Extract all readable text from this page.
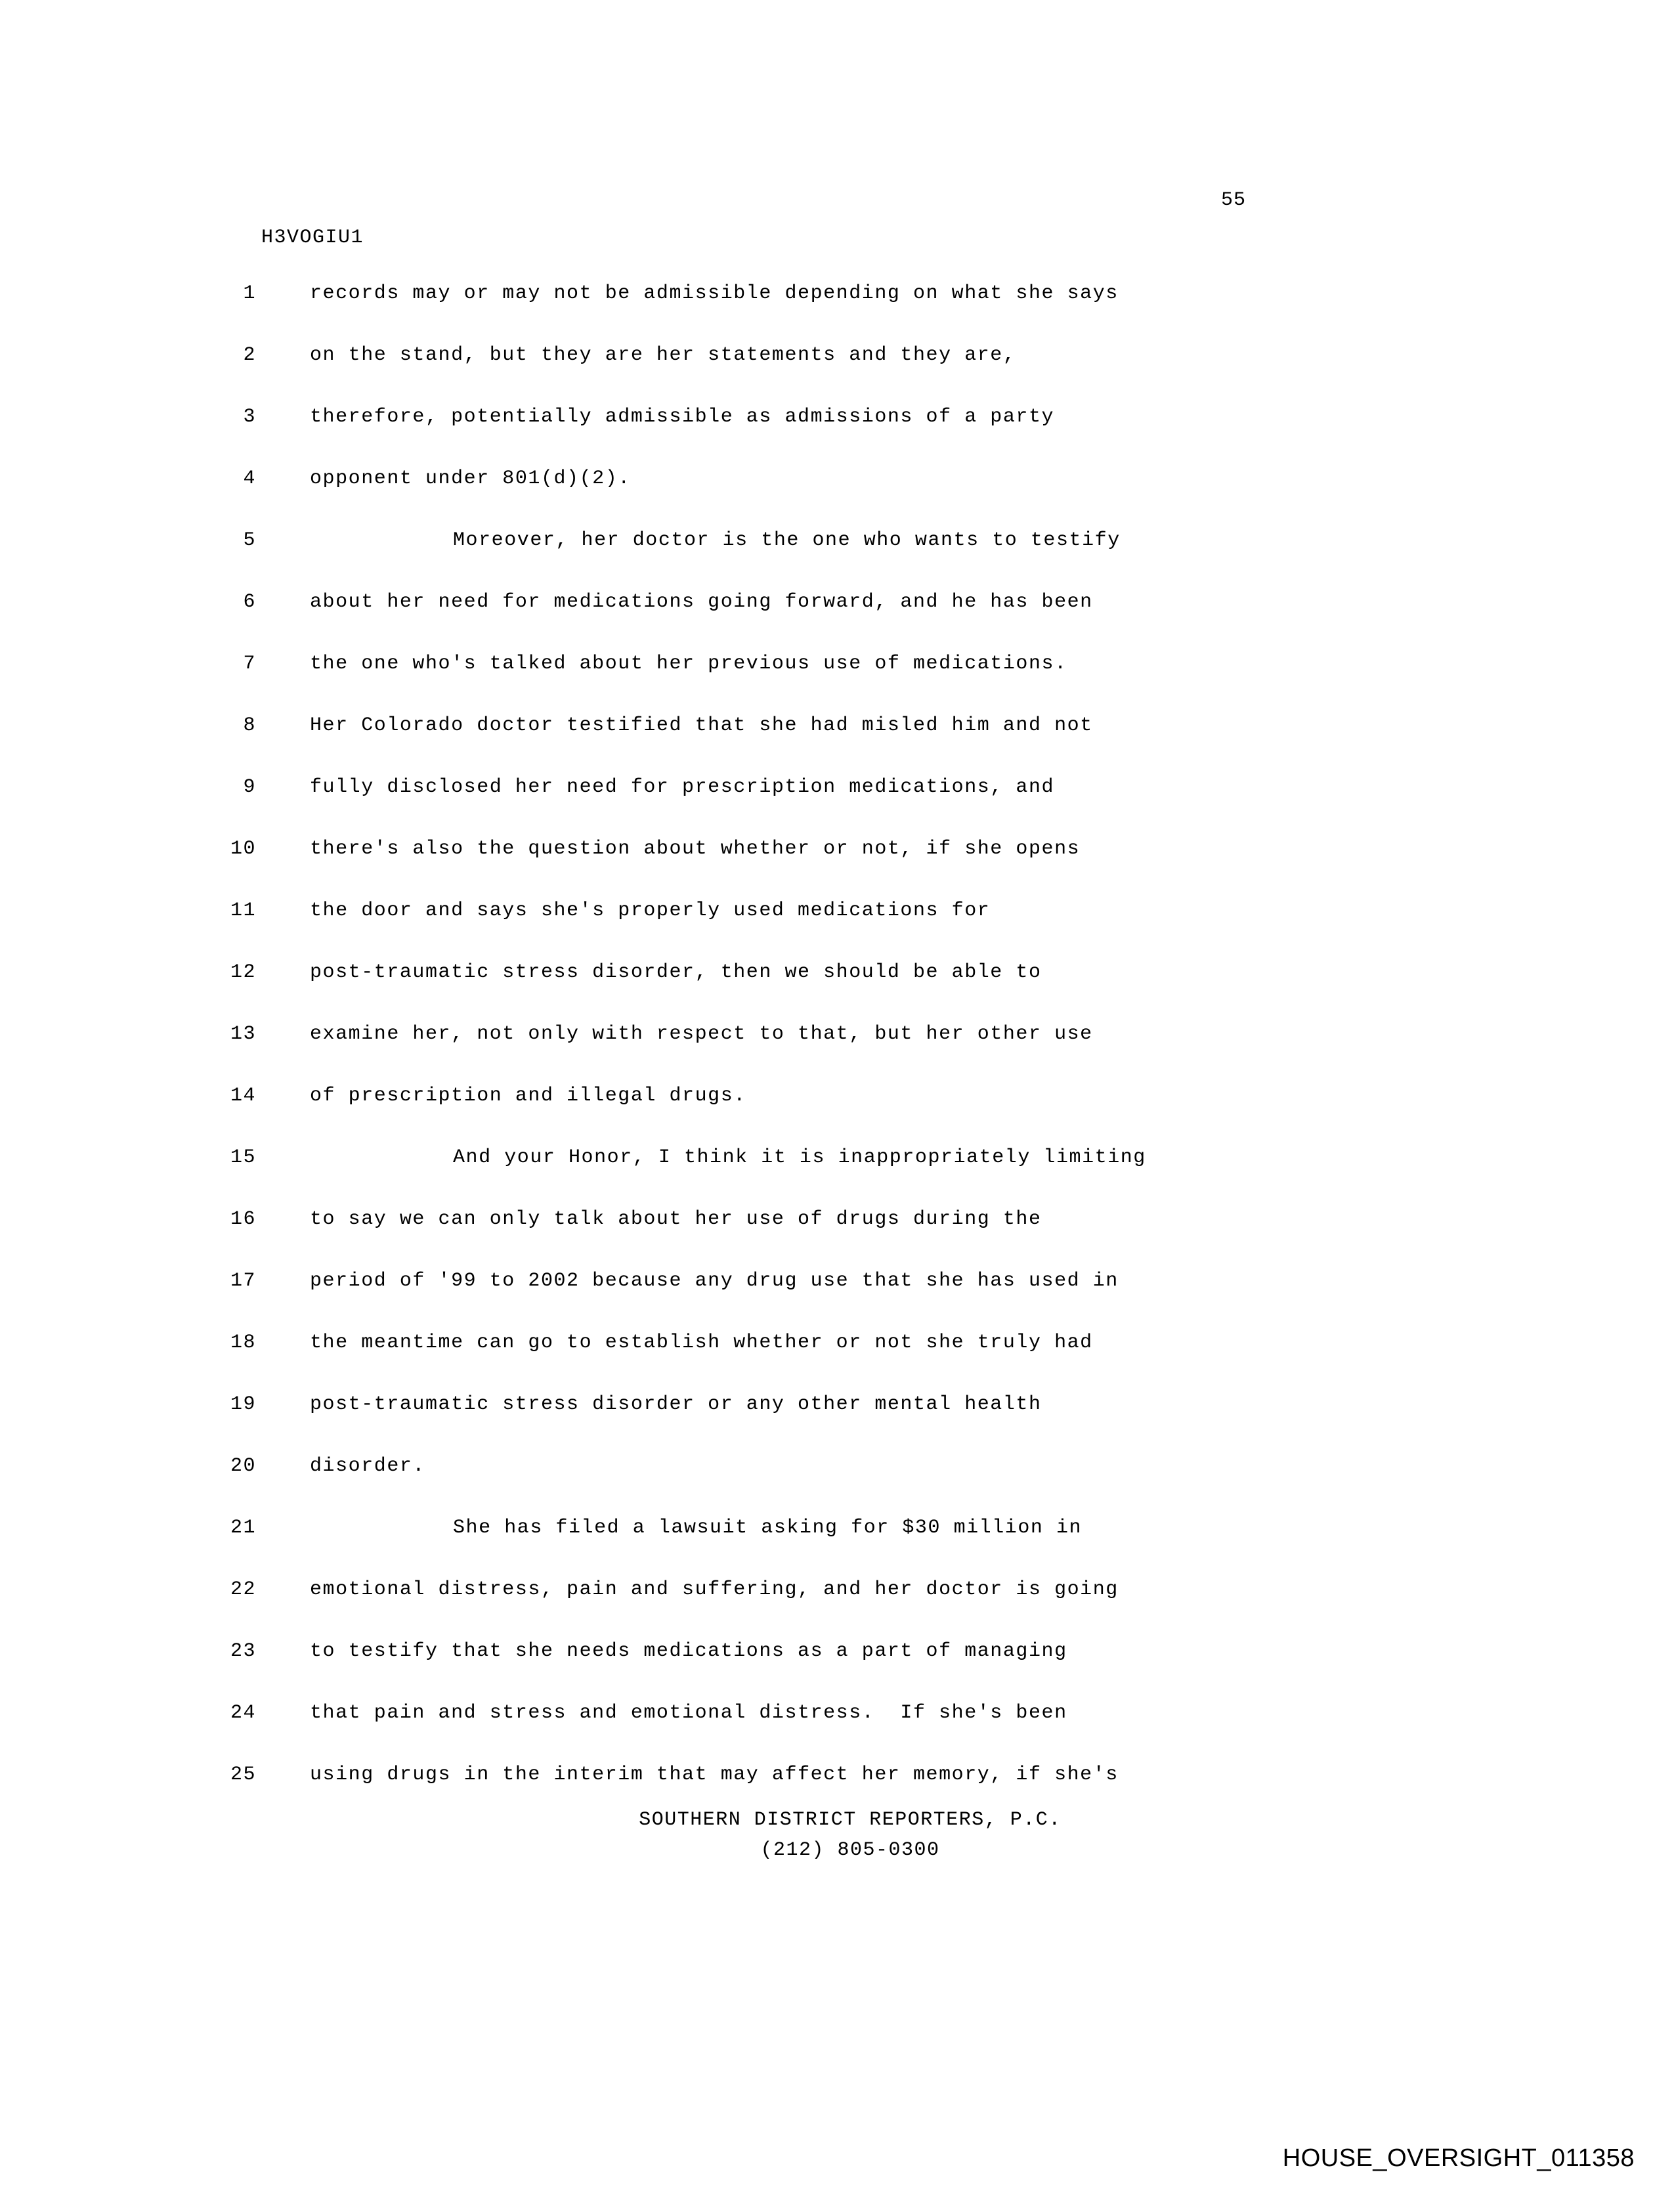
55
H3VOGIU1
1	records may or may not be admissible depending on what she says
2	on the stand, but they are her statements and they are,
3	therefore, potentially admissible as admissions of a party
4	opponent under 801(d)(2).
5	Moreover, her doctor is the one who wants to testify
6	about her need for medications going forward, and he has been
7	the one who's talked about her previous use of medications.
8	Her Colorado doctor testified that she had misled him and not
9	fully disclosed her need for prescription medications, and
10	there's also the question about whether or not, if she opens
11	the door and says she's properly used medications for
12	post-traumatic stress disorder, then we should be able to
13	examine her, not only with respect to that, but her other use
14	of prescription and illegal drugs.
15	And your Honor, I think it is inappropriately limiting
16	to say we can only talk about her use of drugs during the
17	period of '99 to 2002 because any drug use that she has used in
18	the meantime can go to establish whether or not she truly had
19	post-traumatic stress disorder or any other mental health
20	disorder.
21	She has filed a lawsuit asking for $30 million in
22	emotional distress, pain and suffering, and her doctor is going
23	to testify that she needs medications as a part of managing
24	that pain and stress and emotional distress.  If she's been
25	using drugs in the interim that may affect her memory, if she's
SOUTHERN DISTRICT REPORTERS, P.C.
(212) 805-0300
HOUSE_OVERSIGHT_011358
